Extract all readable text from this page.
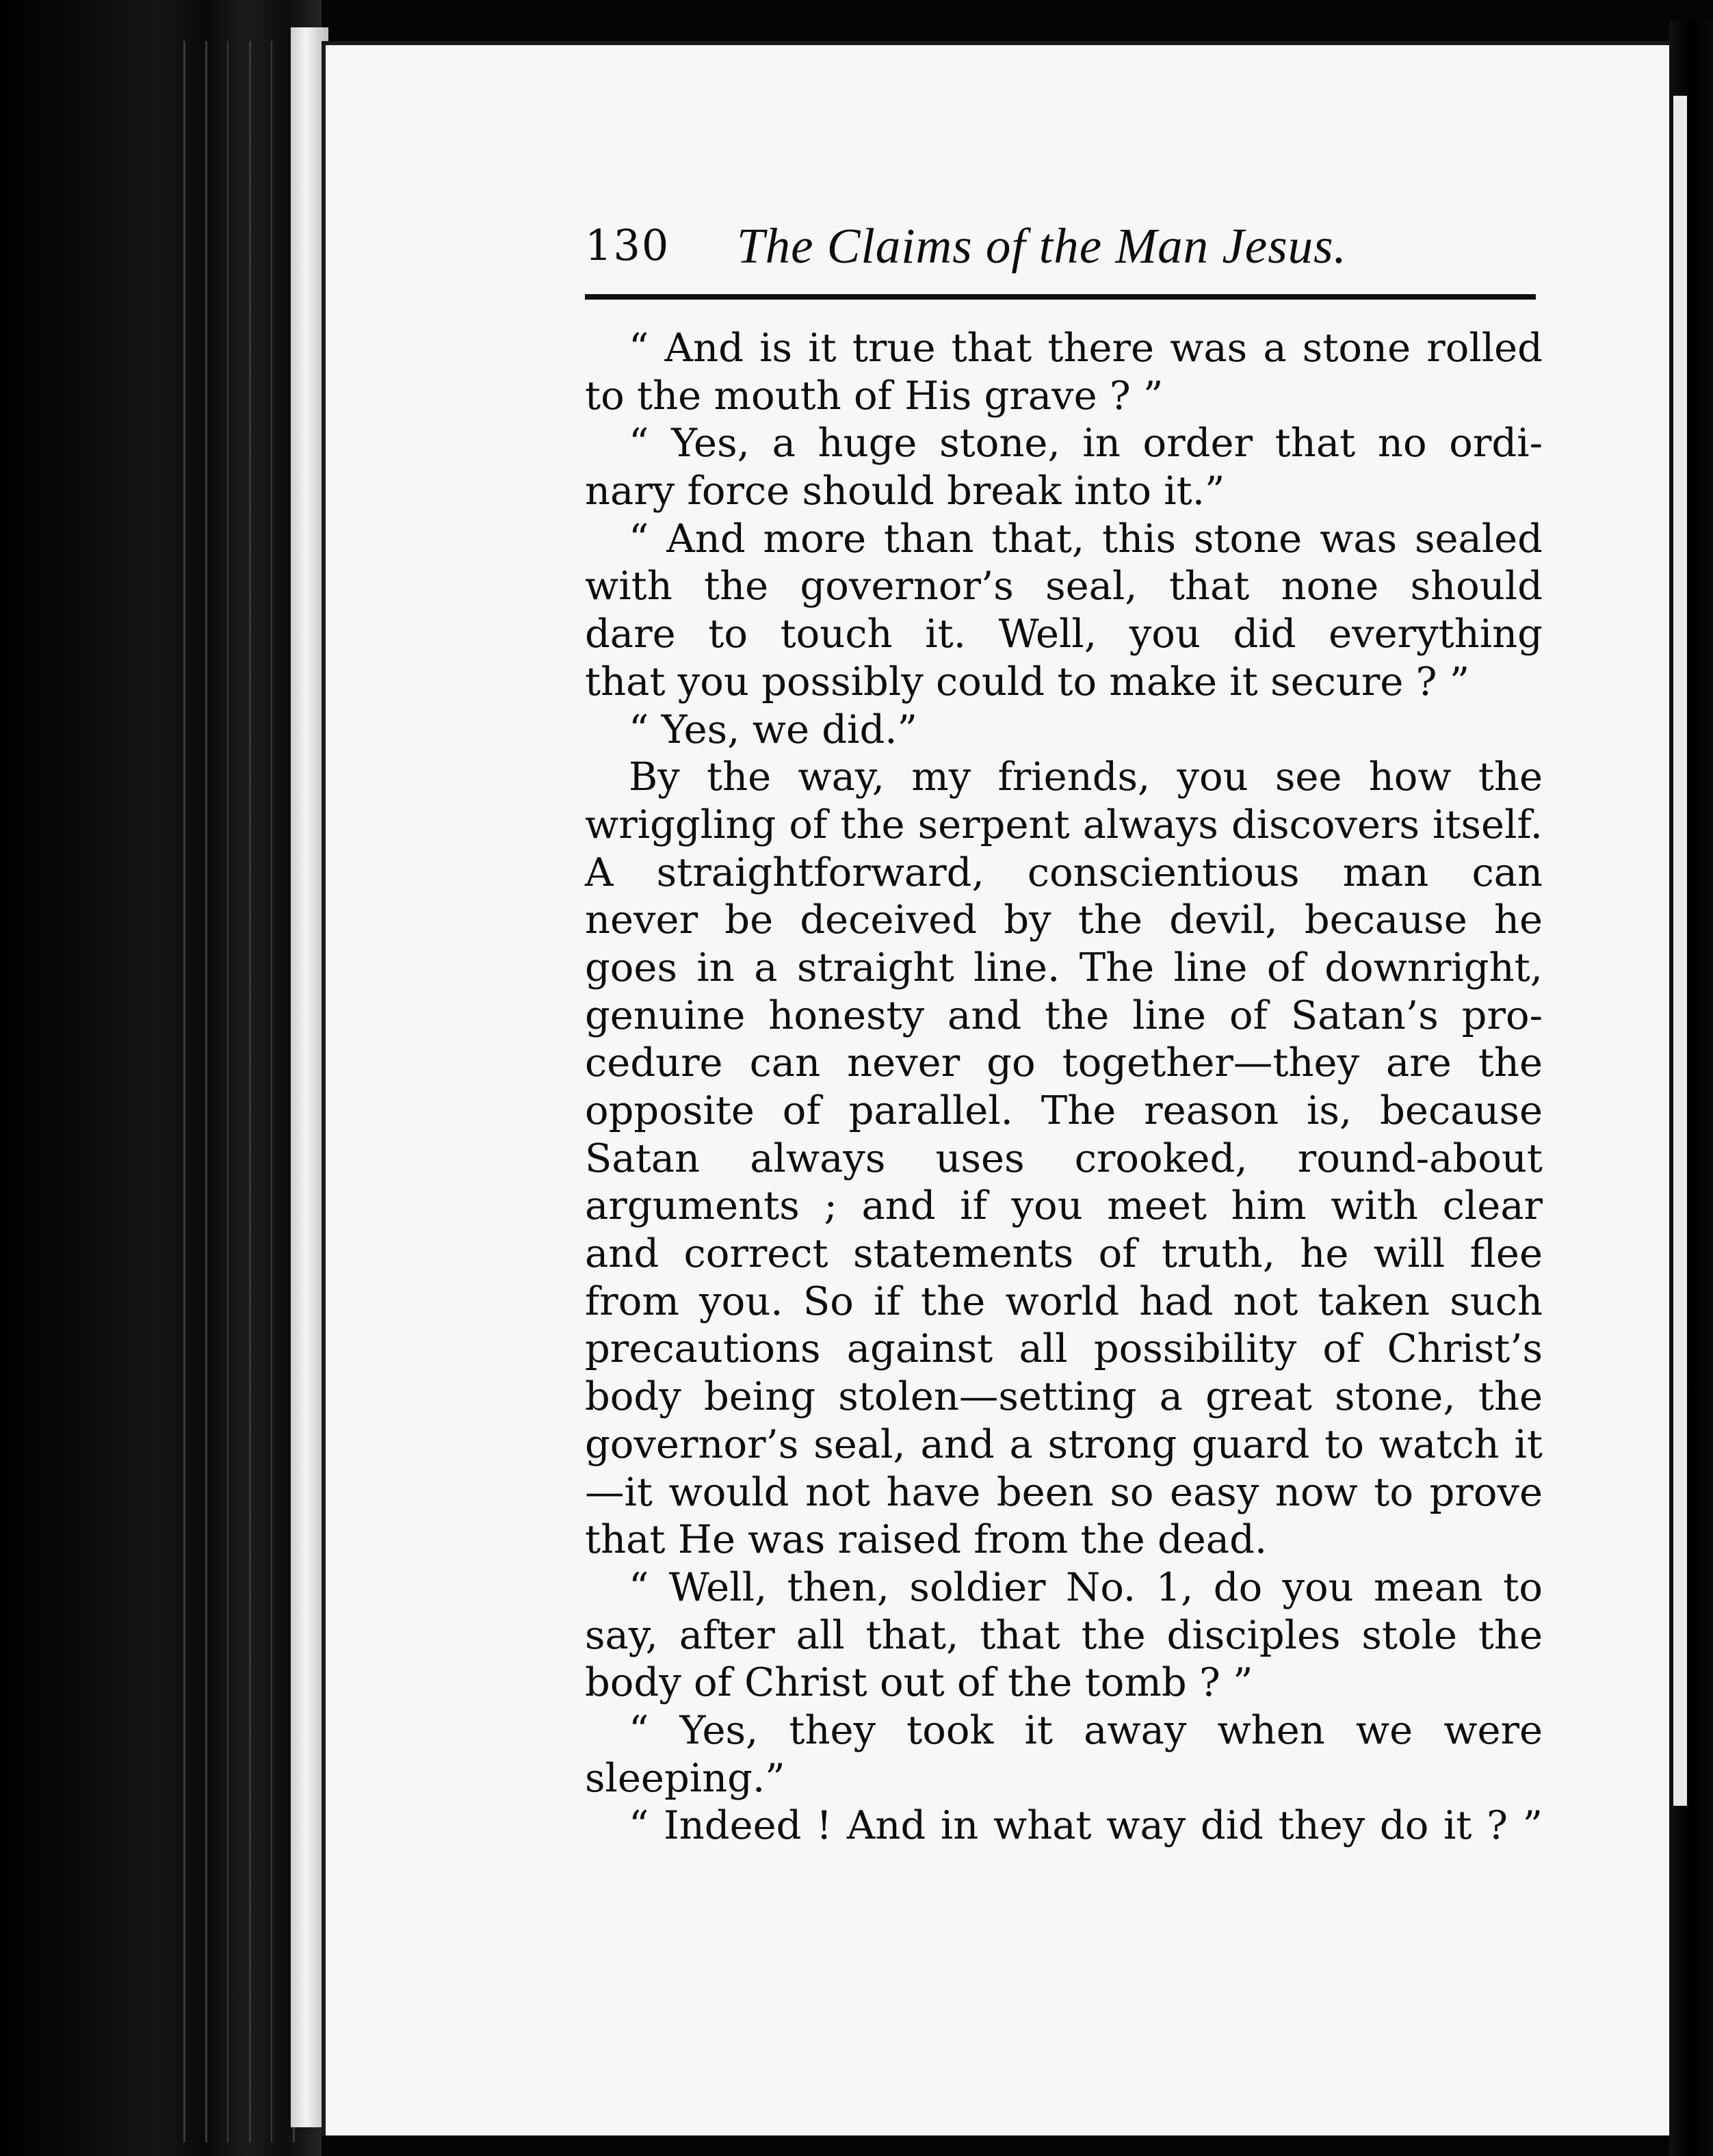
130 The Claims of the Man Jesus.
“ And is it true that there was a stone rolled
to the mouth of His grave ? ”
“ Yes, a huge stone, in order that no ordi-
nary force should break into it.”
“ And more than that, this stone was sealed
with the governor’s seal, that none should
dare to touch it. Well, you did everything
that you possibly could to make it secure ? ”
“ Yes, we did.”
By the way, my friends, you see how the
wriggling of the serpent always discovers itself.
A straightforward, conscientious man can
never be deceived by the devil, because he
goes in a straight line. The line of downright,
genuine honesty and the line of Satan’s pro-
cedure can never go together—they are the
opposite of parallel. The reason is, because
Satan always uses crooked, round-about
arguments ; and if you meet him with clear
and correct statements of truth, he will flee
from you. So if the world had not taken such
precautions against all possibility of Christ’s
body being stolen—setting a great stone, the
governor’s seal, and a strong guard to watch it
—it would not have been so easy now to prove
that He was raised from the dead.
“ Well, then, soldier No. 1, do you mean to
say, after all that, that the disciples stole the
body of Christ out of the tomb ? ”
“ Yes, they took it away when we were
sleeping.”
“ Indeed ! And in what way did they do it ? ”
